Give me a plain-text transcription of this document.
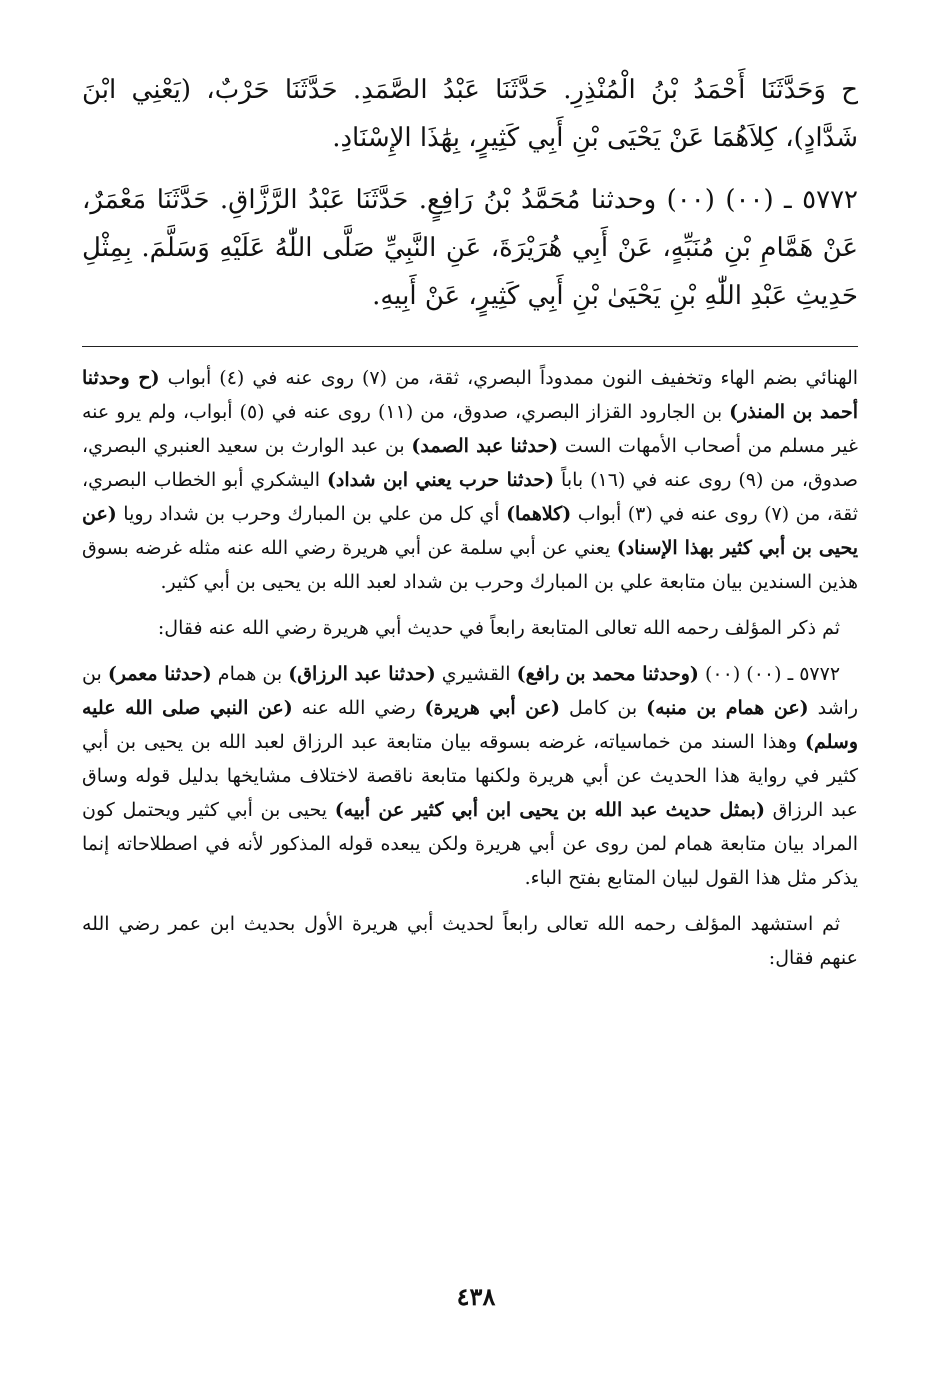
ح وَحَدَّثَنَا أَحْمَدُ بْنُ الْمُنْذِرِ. حَدَّثَنَا عَبْدُ الصَّمَدِ. حَدَّثَنَا حَرْبٌ، (يَعْنِي ابْنَ شَدَّادٍ)، كِلاَهُمَا عَنْ يَحْيَى بْنِ أَبِي كَثِيرٍ، بِهَٰذَا الإِسْنَادِ.

٥٧٧٢ ـ (٠٠) (٠٠) وحدثنا مُحَمَّدُ بْنُ رَافِعٍ. حَدَّثَنَا عَبْدُ الرَّزَّاقِ. حَدَّثَنَا مَعْمَرٌ، عَنْ هَمَّامِ بْنِ مُنَبِّهٍ، عَنْ أَبِي هُرَيْرَةَ، عَنِ النَّبِيِّ صَلَّى اللّٰهُ عَلَيْهِ وَسَلَّمَ. بِمِثْلِ حَدِيثِ عَبْدِ اللّٰهِ بْنِ يَحْيَىٰ بْنِ أَبِي كَثِيرٍ، عَنْ أَبِيهِ.

الهنائي بضم الهاء وتخفيف النون ممدوداً البصري، ثقة، من (٧) روى عنه في (٤) أبواب (ح وحدثنا أحمد بن المنذر) بن الجارود القزاز البصري، صدوق، من (١١) روى عنه في (٥) أبواب، ولم يرو عنه غير مسلم من أصحاب الأمهات الست (حدثنا عبد الصمد) بن عبد الوارث بن سعيد العنبري البصري، صدوق، من (٩) روى عنه في (١٦) باباً (حدثنا حرب يعني ابن شداد) اليشكري أبو الخطاب البصري، ثقة، من (٧) روى عنه في (٣) أبواب (كلاهما) أي كل من علي بن المبارك وحرب بن شداد رويا (عن يحيى بن أبي كثير بهذا الإسناد) يعني عن أبي سلمة عن أبي هريرة رضي الله عنه مثله غرضه بسوق هذين السندين بيان متابعة علي بن المبارك وحرب بن شداد لعبد الله بن يحيى بن أبي كثير.

ثم ذكر المؤلف رحمه الله تعالى المتابعة رابعاً في حديث أبي هريرة رضي الله عنه فقال:

٥٧٧٢ ـ (٠٠) (٠٠) (وحدثنا محمد بن رافع) القشيري (حدثنا عبد الرزاق) بن همام (حدثنا معمر) بن راشد (عن همام بن منبه) بن كامل (عن أبي هريرة) رضي الله عنه (عن النبي صلى الله عليه وسلم) وهذا السند من خماسياته، غرضه بسوقه بيان متابعة عبد الرزاق لعبد الله بن يحيى بن أبي كثير في رواية هذا الحديث عن أبي هريرة ولكنها متابعة ناقصة لاختلاف مشايخها بدليل قوله وساق عبد الرزاق (بمثل حديث عبد الله بن يحيى ابن أبي كثير عن أبيه) يحيى بن أبي كثير ويحتمل كون المراد بيان متابعة همام لمن روى عن أبي هريرة ولكن يبعده قوله المذكور لأنه في اصطلاحاته إنما يذكر مثل هذا القول لبيان المتابع بفتح الباء.

ثم استشهد المؤلف رحمه الله تعالى رابعاً لحديث أبي هريرة الأول بحديث ابن عمر رضي الله عنهم فقال:

٤٣٨
